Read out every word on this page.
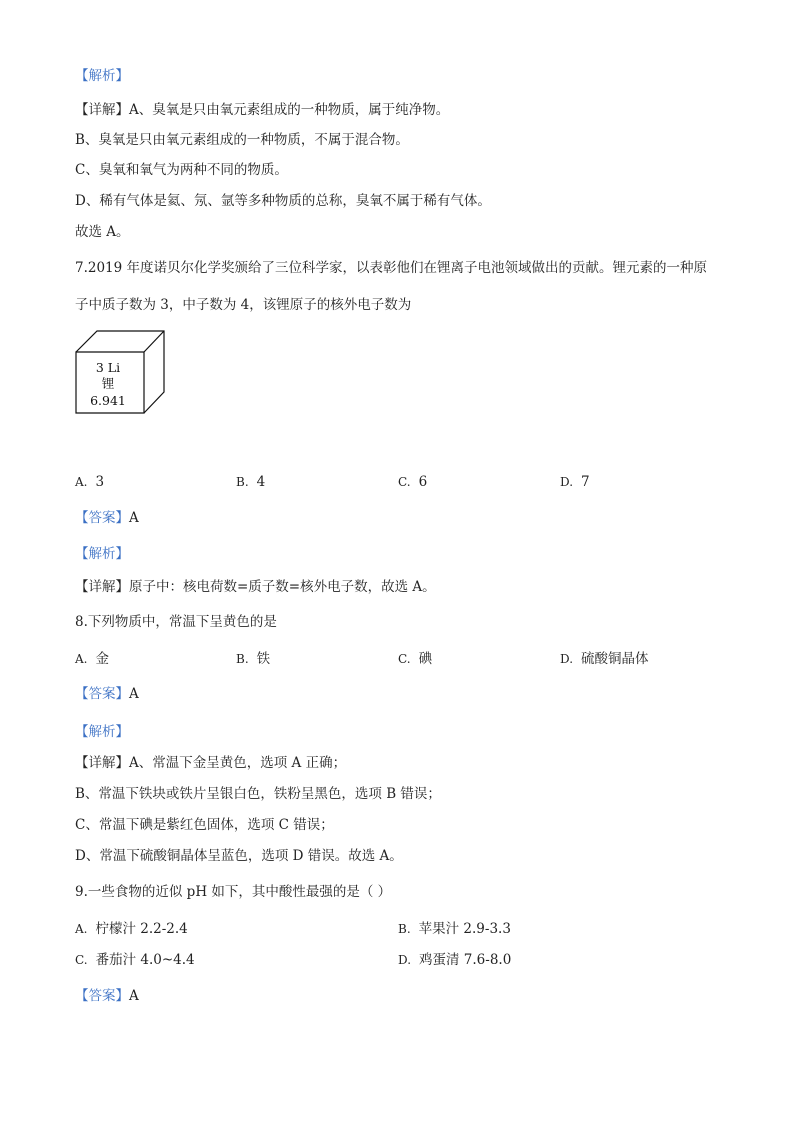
【解析】
【详解】A、臭氧是只由氧元素组成的一种物质，属于纯净物。
B、臭氧是只由氧元素组成的一种物质，不属于混合物。
C、臭氧和氧气为两种不同的物质。
D、稀有气体是氦、氖、氩等多种物质的总称，臭氧不属于稀有气体。
故选 A。
7.2019 年度诺贝尔化学奖颁给了三位科学家，以表彰他们在锂离子电池领域做出的贡献。锂元素的一种原
子中质子数为 3，中子数为 4，该锂原子的核外电子数为
3 Li
锂
6.941
A. 3	B. 4	C. 6	D. 7
【答案】A
【解析】
【详解】原子中：核电荷数=质子数=核外电子数，故选 A。
8.下列物质中，常温下呈黄色的是
A. 金	B. 铁	C. 碘	D. 硫酸铜晶体
【答案】A
【解析】
【详解】A、常温下金呈黄色，选项 A 正确；
B、常温下铁块或铁片呈银白色，铁粉呈黑色，选项 B 错误；
C、常温下碘是紫红色固体，选项 C 错误；
D、常温下硫酸铜晶体呈蓝色，选项 D 错误。故选 A。
9.一些食物的近似 pH 如下，其中酸性最强的是（ ）
A. 柠檬汁 2.2-2.4	B. 苹果汁 2.9-3.3
C. 番茄汁 4.0~4.4	D. 鸡蛋清 7.6-8.0
【答案】A
